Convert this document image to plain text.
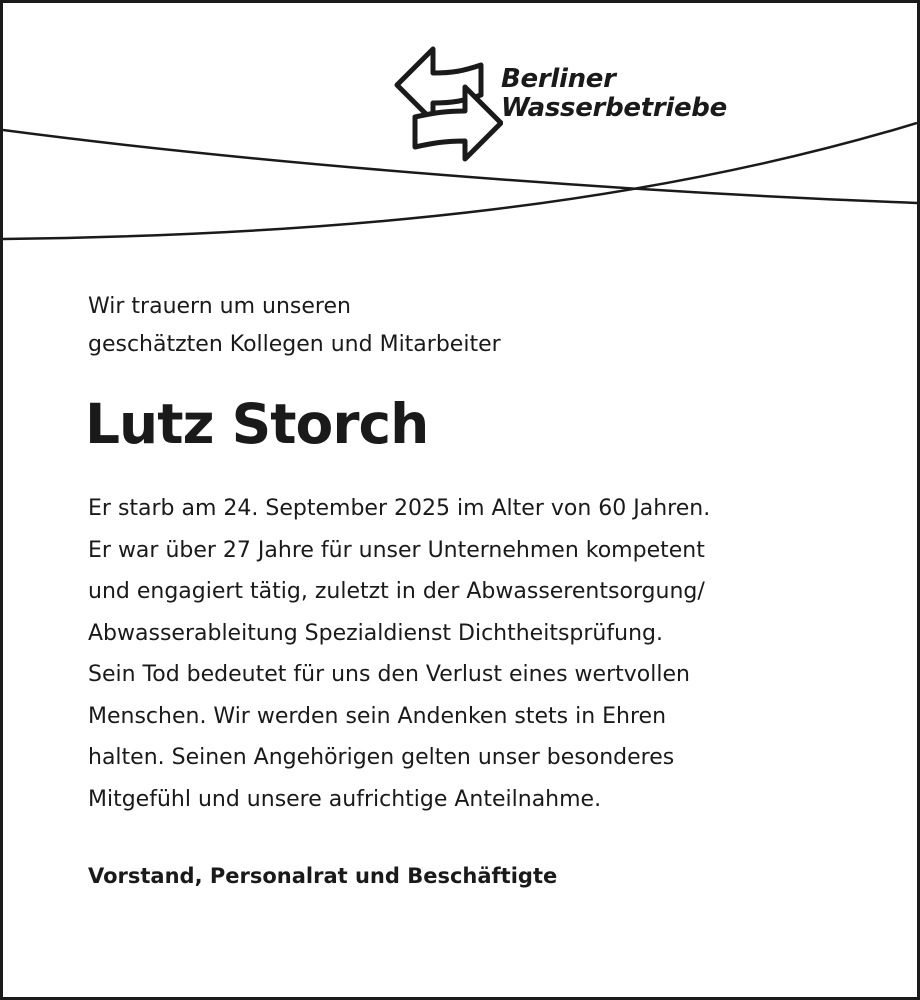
Berliner
Wasserbetriebe
Wir trauern um unseren
geschätzten Kollegen und Mitarbeiter
Lutz Storch
Er starb am 24. September 2025 im Alter von 60 Jahren.
Er war über 27 Jahre für unser Unternehmen kompetent
und engagiert tätig, zuletzt in der Abwasserentsorgung/
Abwasserableitung Spezialdienst Dichtheitsprüfung.
Sein Tod bedeutet für uns den Verlust eines wertvollen
Menschen. Wir werden sein Andenken stets in Ehren
halten. Seinen Angehörigen gelten unser besonderes
Mitgefühl und unsere aufrichtige Anteilnahme.
Vorstand, Personalrat und Beschäftigte
